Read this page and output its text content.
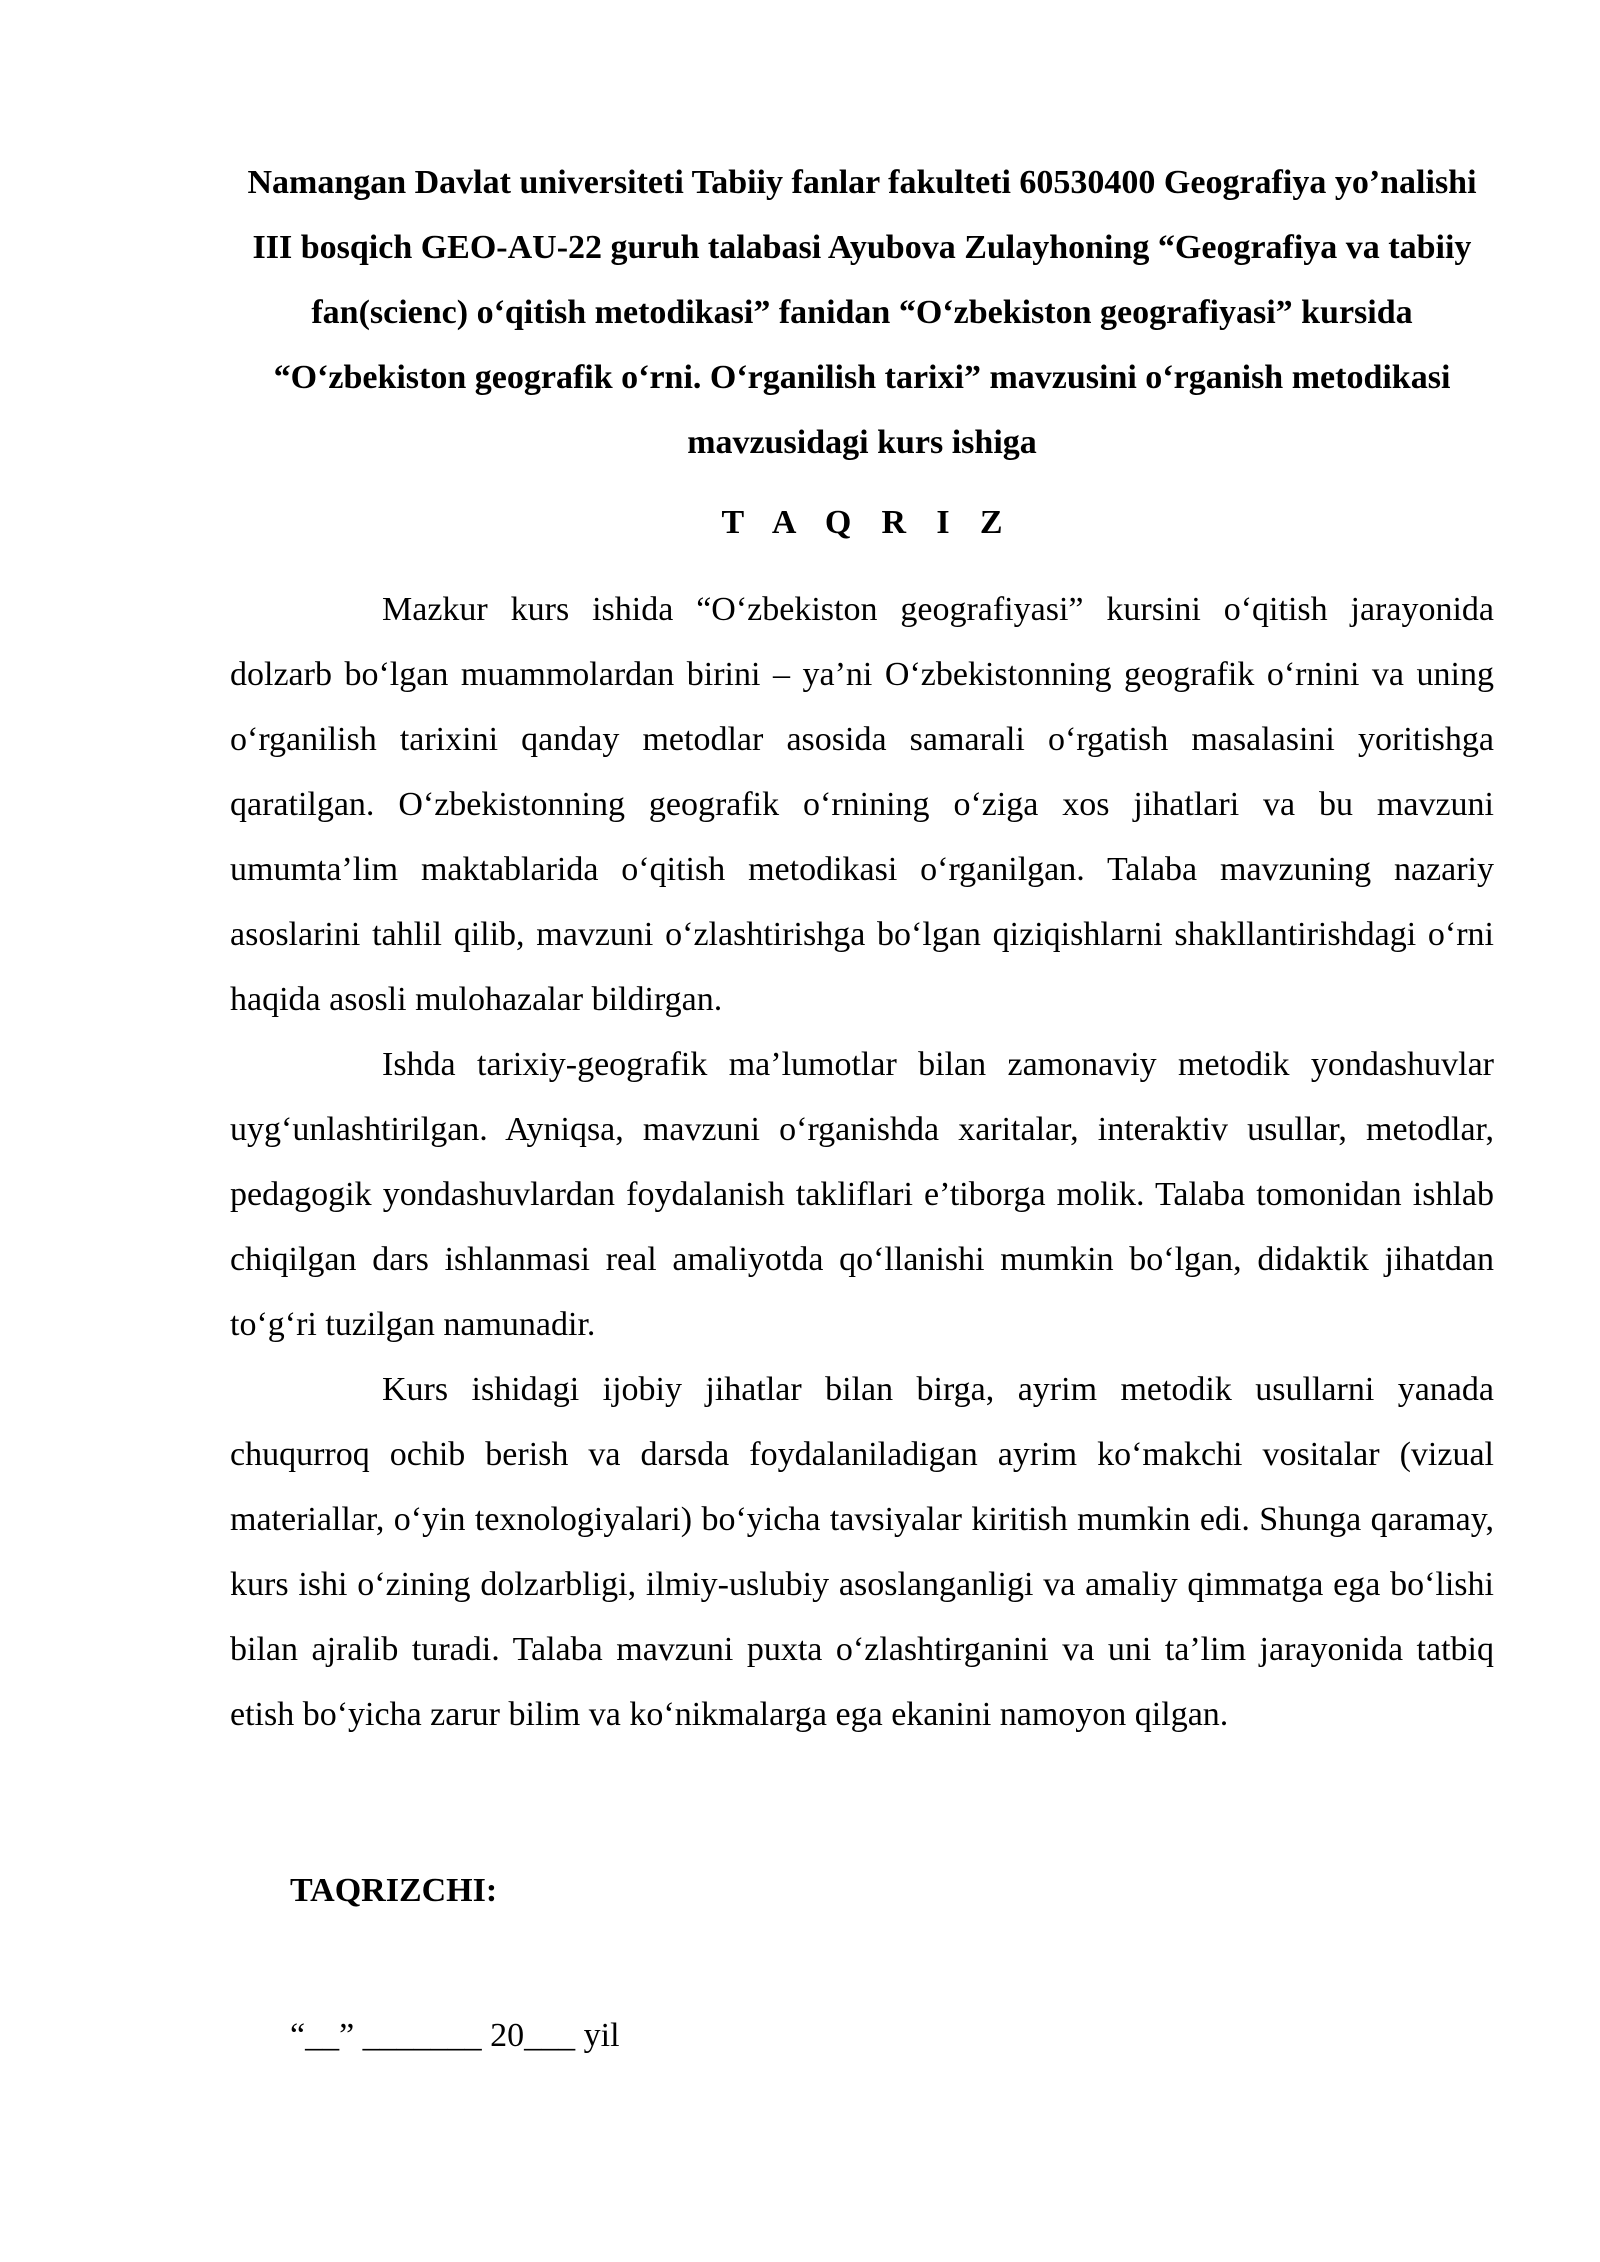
Namangan Davlat universiteti Tabiiy fanlar fakulteti 60530400 Geografiya yo’nalishi III bosqich GEO-AU-22 guruh talabasi Ayubova Zulayhoning “Geografiya va tabiiy fan(scienc) o‘qitish metodikasi” fanidan “O‘zbekiston geografiyasi” kursida “O‘zbekiston geografik o‘rni. O‘rganilish tarixi” mavzusini o‘rganish metodikasi mavzusidagi kurs ishiga
T A Q R I Z

Mazkur kurs ishida “O‘zbekiston geografiyasi” kursini o‘qitish jarayonida dolzarb bo‘lgan muammolardan birini – ya’ni O‘zbekistonning geografik o‘rnini va uning o‘rganilish tarixini qanday metodlar asosida samarali o‘rgatish masalasini yoritishga qaratilgan. O‘zbekistonning geografik o‘rnining o‘ziga xos jihatlari va bu mavzuni umumta’lim maktablarida o‘qitish metodikasi o‘rganilgan. Talaba mavzuning nazariy asoslarini tahlil qilib, mavzuni o‘zlashtirishga bo‘lgan qiziqishlarni shakllantirishdagi o‘rni haqida asosli mulohazalar bildirgan.

Ishda tarixiy-geografik ma’lumotlar bilan zamonaviy metodik yondashuvlar uyg‘unlashtirilgan. Ayniqsa, mavzuni o‘rganishda xaritalar, interaktiv usullar, metodlar, pedagogik yondashuvlardan foydalanish takliflari e’tiborga molik. Talaba tomonidan ishlab chiqilgan dars ishlanmasi real amaliyotda qo‘llanishi mumkin bo‘lgan, didaktik jihatdan to‘g‘ri tuzilgan namunadir.

Kurs ishidagi ijobiy jihatlar bilan birga, ayrim metodik usullarni yanada chuqurroq ochib berish va darsda foydalaniladigan ayrim ko‘makchi vositalar (vizual materiallar, o‘yin texnologiyalari) bo‘yicha tavsiyalar kiritish mumkin edi. Shunga qaramay, kurs ishi o‘zining dolzarbligi, ilmiy-uslubiy asoslanganligi va amaliy qimmatga ega bo‘lishi bilan ajralib turadi. Talaba mavzuni puxta o‘zlashtirganini va uni ta’lim jarayonida tatbiq etish bo‘yicha zarur bilim va ko‘nikmalarga ega ekanini namoyon qilgan.

TAQRIZCHI:
“__” _______ 20___ yil
